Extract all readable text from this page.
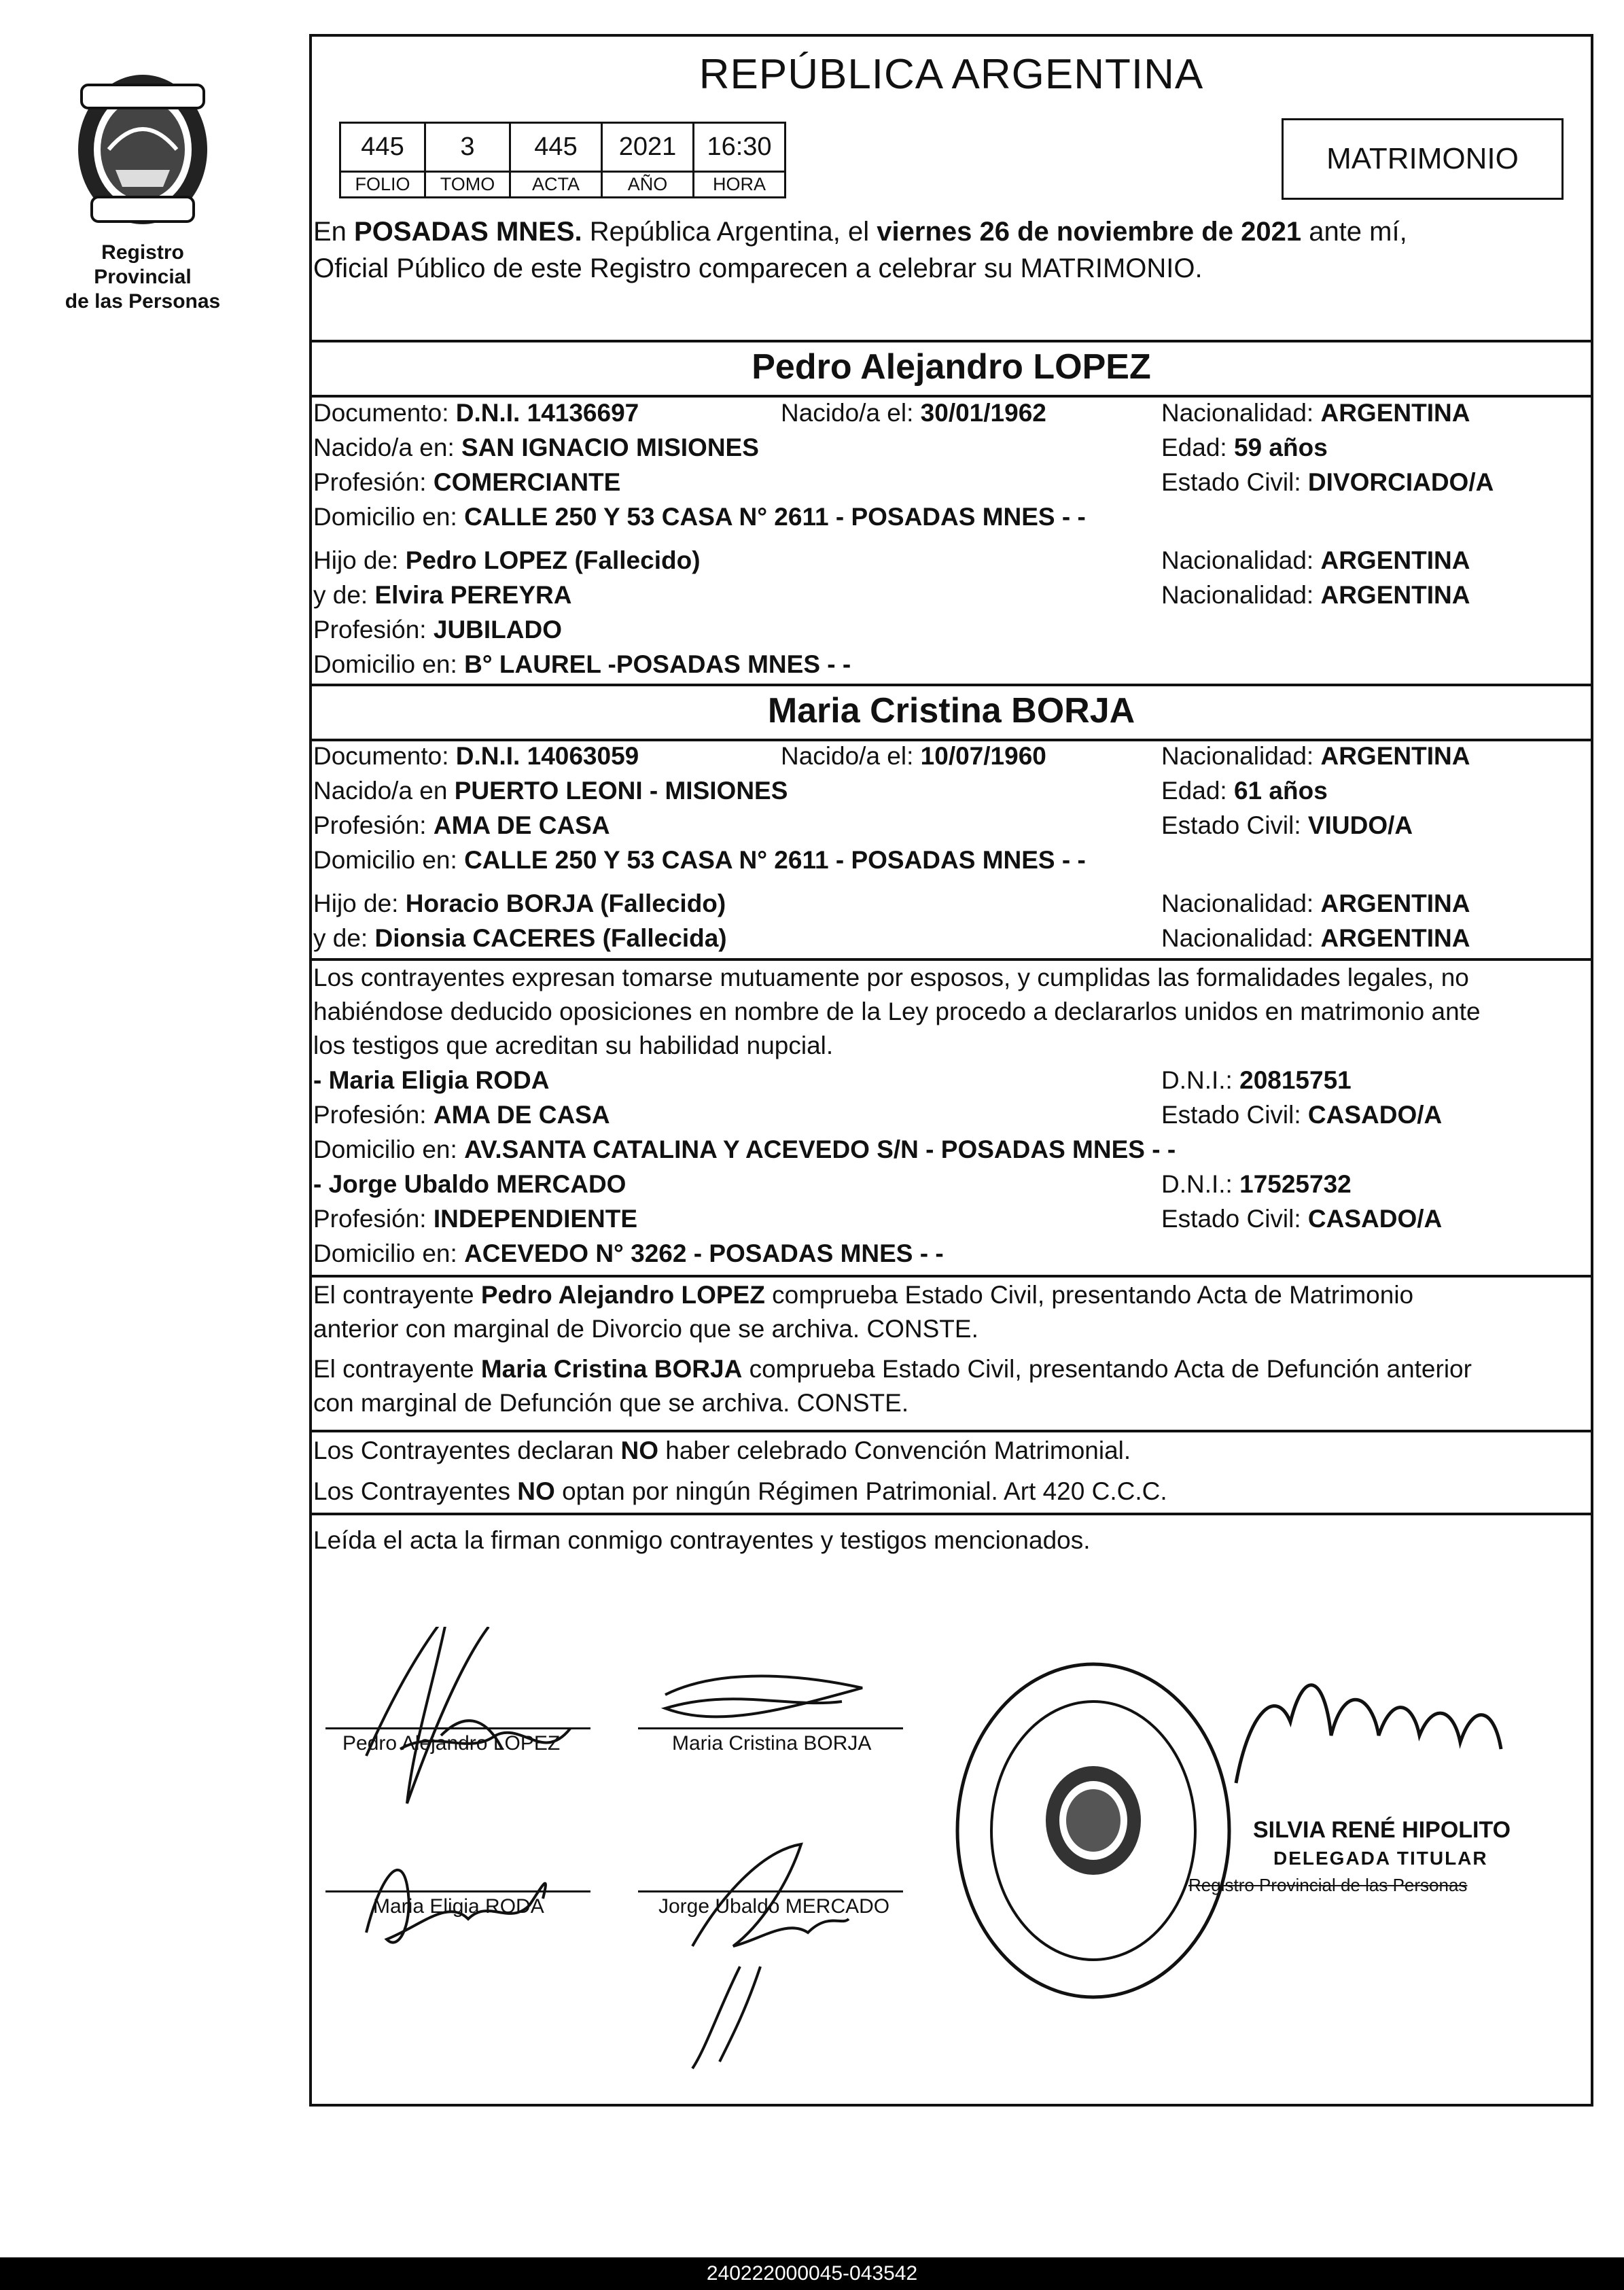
Registro Provincial
de las Personas
REPÚBLICA ARGENTINA
445	3	445	2021	16:30
FOLIO	TOMO	ACTA	AÑO	HORA
MATRIMONIO
En POSADAS MNES. República Argentina, el viernes 26 de noviembre de 2021 ante mí,
Oficial Público de este Registro comparecen a celebrar su MATRIMONIO.
Pedro Alejandro LOPEZ
Documento: D.N.I. 14136697	Nacido/a el: 30/01/1962	Nacionalidad: ARGENTINA
Nacido/a en: SAN IGNACIO MISIONES	Edad: 59 años
Profesión: COMERCIANTE	Estado Civil: DIVORCIADO/A
Domicilio en: CALLE 250 Y 53 CASA N° 2611 - POSADAS MNES - -
Hijo de: Pedro LOPEZ (Fallecido)	Nacionalidad: ARGENTINA
y de: Elvira PEREYRA	Nacionalidad: ARGENTINA
Profesión: JUBILADO
Domicilio en: B° LAUREL -POSADAS MNES - -
Maria Cristina BORJA
Documento: D.N.I. 14063059	Nacido/a el: 10/07/1960	Nacionalidad: ARGENTINA
Nacido/a en PUERTO LEONI - MISIONES	Edad: 61 años
Profesión: AMA DE CASA	Estado Civil: VIUDO/A
Domicilio en: CALLE 250 Y 53 CASA N° 2611 - POSADAS MNES - -
Hijo de: Horacio BORJA (Fallecido)	Nacionalidad: ARGENTINA
y de: Dionsia CACERES (Fallecida)	Nacionalidad: ARGENTINA
Los contrayentes expresan tomarse mutuamente por esposos, y cumplidas las formalidades legales, no
habiéndose deducido oposiciones en nombre de la Ley procedo a declararlos unidos en matrimonio ante
los testigos que acreditan su habilidad nupcial.
- Maria Eligia RODA	D.N.I.: 20815751
Profesión: AMA DE CASA	Estado Civil: CASADO/A
Domicilio en: AV.SANTA CATALINA Y ACEVEDO S/N - POSADAS MNES - -
- Jorge Ubaldo MERCADO	D.N.I.: 17525732
Profesión: INDEPENDIENTE	Estado Civil: CASADO/A
Domicilio en: ACEVEDO N° 3262 - POSADAS MNES - -
El contrayente Pedro Alejandro LOPEZ comprueba Estado Civil, presentando Acta de Matrimonio
anterior con marginal de Divorcio que se archiva. CONSTE.
El contrayente Maria Cristina BORJA comprueba Estado Civil, presentando Acta de Defunción anterior
con marginal de Defunción que se archiva. CONSTE.
Los Contrayentes declaran NO haber celebrado Convención Matrimonial.
Los Contrayentes NO optan por ningún Régimen Patrimonial. Art 420 C.C.C.
Leída el acta la firman conmigo contrayentes y testigos mencionados.
Pedro Alejandro LOPEZ	Maria Cristina BORJA
Maria Eligia RODA	Jorge Ubaldo MERCADO
SILVIA RENÉ HIPOLITO
DELEGADA TITULAR
Registro Provincial de las Personas
240222000045-043542
